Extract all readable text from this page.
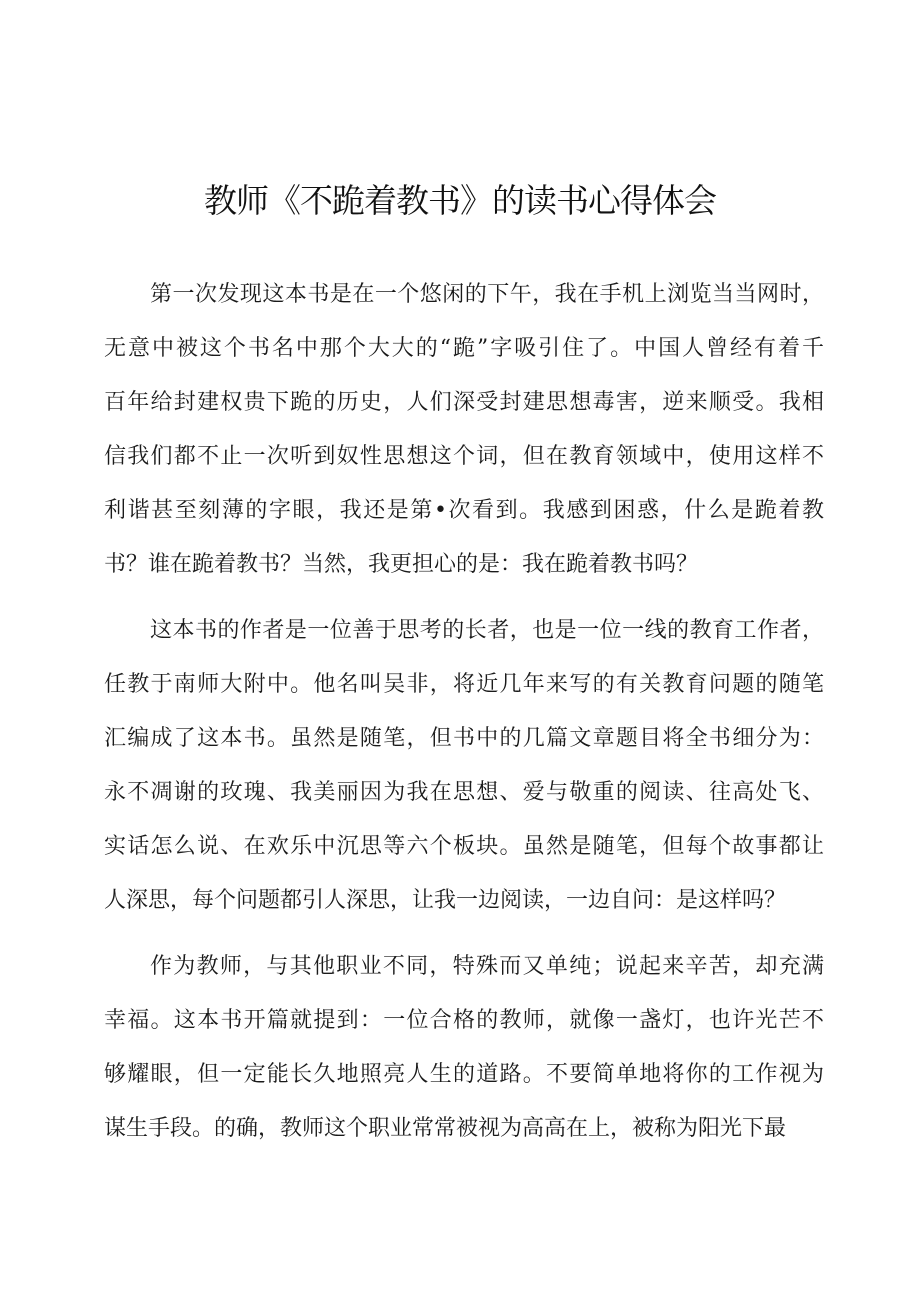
教师《不跪着教书》的读书心得体会
第一次发现这本书是在一个悠闲的下午，我在手机上浏览当当网时，
无意中被这个书名中那个大大的“跪”字吸引住了。中国人曾经有着千
百年给封建权贵下跪的历史，人们深受封建思想毒害，逆来顺受。我相
信我们都不止一次听到奴性思想这个词，但在教育领域中，使用这样不
利谐甚至刻薄的字眼，我还是第•次看到。我感到困惑，什么是跪着教
书？谁在跪着教书？当然，我更担心的是：我在跪着教书吗？
这本书的作者是一位善于思考的长者，也是一位一线的教育工作者，
任教于南师大附中。他名叫吴非，将近几年来写的有关教育问题的随笔
汇编成了这本书。虽然是随笔，但书中的几篇文章题目将全书细分为：
永不凋谢的玫瑰、我美丽因为我在思想、爱与敬重的阅读、往高处飞、
实话怎么说、在欢乐中沉思等六个板块。虽然是随笔，但每个故事都让
人深思，每个问题都引人深思，让我一边阅读，一边自问：是这样吗？
作为教师，与其他职业不同，特殊而又单纯；说起来辛苦，却充满
幸福。这本书开篇就提到：一位合格的教师，就像一盏灯，也许光芒不
够耀眼，但一定能长久地照亮人生的道路。不要简单地将你的工作视为
谋生手段。的确，教师这个职业常常被视为高高在上，被称为阳光下最
